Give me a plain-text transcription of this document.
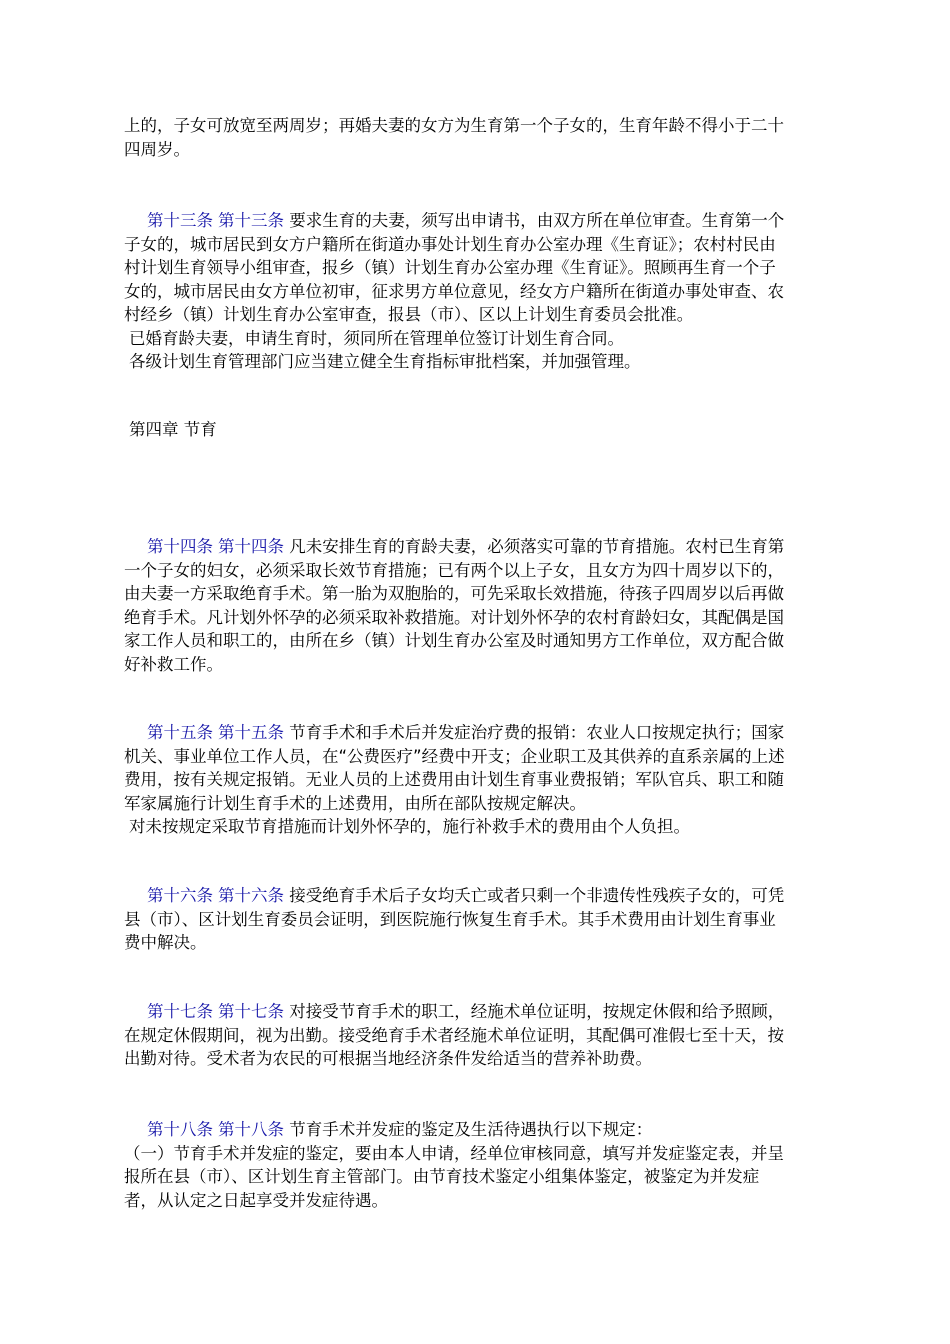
上的，子女可放宽至两周岁；再婚夫妻的女方为生育第一个子女的，生育年龄不得小于二十
四周岁。
第十三条 第十三条 要求生育的夫妻，须写出申请书，由双方所在单位审查。生育第一个
子女的，城市居民到女方户籍所在街道办事处计划生育办公室办理《生育证》；农村村民由
村计划生育领导小组审查，报乡（镇）计划生育办公室办理《生育证》。照顾再生育一个子
女的，城市居民由女方单位初审，征求男方单位意见，经女方户籍所在街道办事处审查、农
村经乡（镇）计划生育办公室审查，报县（市）、区以上计划生育委员会批准。
已婚育龄夫妻，申请生育时，须同所在管理单位签订计划生育合同。
各级计划生育管理部门应当建立健全生育指标审批档案，并加强管理。
第四章 节育
第十四条 第十四条 凡未安排生育的育龄夫妻，必须落实可靠的节育措施。农村已生育第
一个子女的妇女，必须采取长效节育措施；已有两个以上子女，且女方为四十周岁以下的，
由夫妻一方采取绝育手术。第一胎为双胞胎的，可先采取长效措施，待孩子四周岁以后再做
绝育手术。凡计划外怀孕的必须采取补救措施。对计划外怀孕的农村育龄妇女，其配偶是国
家工作人员和职工的，由所在乡（镇）计划生育办公室及时通知男方工作单位，双方配合做
好补救工作。
第十五条 第十五条 节育手术和手术后并发症治疗费的报销：农业人口按规定执行；国家
机关、事业单位工作人员，在“公费医疗”经费中开支；企业职工及其供养的直系亲属的上述
费用，按有关规定报销。无业人员的上述费用由计划生育事业费报销；军队官兵、职工和随
军家属施行计划生育手术的上述费用，由所在部队按规定解决。
对未按规定采取节育措施而计划外怀孕的，施行补救手术的费用由个人负担。
第十六条 第十六条 接受绝育手术后子女均夭亡或者只剩一个非遗传性残疾子女的，可凭
县（市）、区计划生育委员会证明，到医院施行恢复生育手术。其手术费用由计划生育事业
费中解决。
第十七条 第十七条 对接受节育手术的职工，经施术单位证明，按规定休假和给予照顾，
在规定休假期间，视为出勤。接受绝育手术者经施术单位证明，其配偶可准假七至十天，按
出勤对待。受术者为农民的可根据当地经济条件发给适当的营养补助费。
第十八条 第十八条 节育手术并发症的鉴定及生活待遇执行以下规定：
（一）节育手术并发症的鉴定，要由本人申请，经单位审核同意，填写并发症鉴定表，并呈
报所在县（市）、区计划生育主管部门。由节育技术鉴定小组集体鉴定，被鉴定为并发症
者，从认定之日起享受并发症待遇。
